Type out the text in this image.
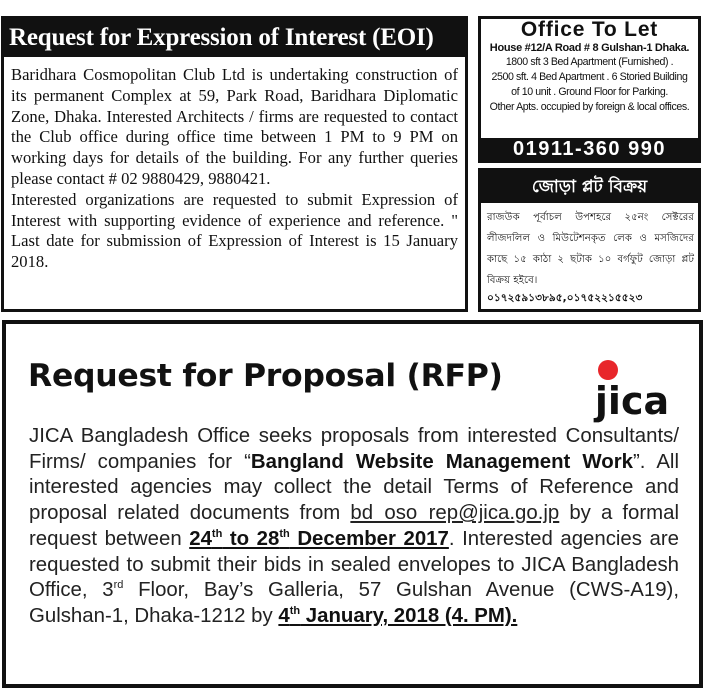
Request for Expression of Interest (EOI)

Baridhara Cosmopolitan Club Ltd is undertaking construction of its permanent Complex at 59, Park Road, Baridhara Diplomatic Zone, Dhaka. Interested Architects / firms are requested to contact the Club office during office time between 1 PM to 9 PM on working days for details of the building. For any further queries please contact # 02 9880429, 9880421.

Interested organizations are requested to submit Expression of Interest with supporting evidence of experience and reference. " Last date for submission of Expression of Interest is 15 January 2018.

Office To Let
House #12/A Road # 8 Gulshan-1 Dhaka.
1800 sft 3 Bed Apartment (Furnished) .
2500 sft. 4 Bed Apartment . 6 Storied Building
of 10 unit . Ground Floor for Parking.
Other Apts. occupied by foreign & local offices.
01911-360 990
জোড়া প্লট বিক্রয়
রাজউক পূর্বাচল উপশহরে ২৫নং সেক্টরের লীজদলিল ও মিউটেশনকৃত লেক ও মসজিদের কাছে ১৫ কাঠা ২ ছটাক ১০ বর্গফুট জোড়া প্লট বিক্রয় হইবে।
০১৭২৫৯১৩৮৯৫,০১৭৫২২১৫৫২৩
Request for Proposal (RFP)
jica
JICA Bangladesh Office seeks proposals from interested Consultants/ Firms/ companies for “Bangland Website Management Work”. All interested agencies may collect the detail Terms of Reference and proposal related documents from bd_oso_rep@jica.go.jp by a formal request between 24th to 28th December 2017. Interested agencies are requested to submit their bids in sealed envelopes to JICA Bangladesh Office, 3rd Floor, Bay’s Galleria, 57 Gulshan Avenue (CWS-A19), Gulshan-1, Dhaka-1212 by 4th January, 2018 (4. PM).
